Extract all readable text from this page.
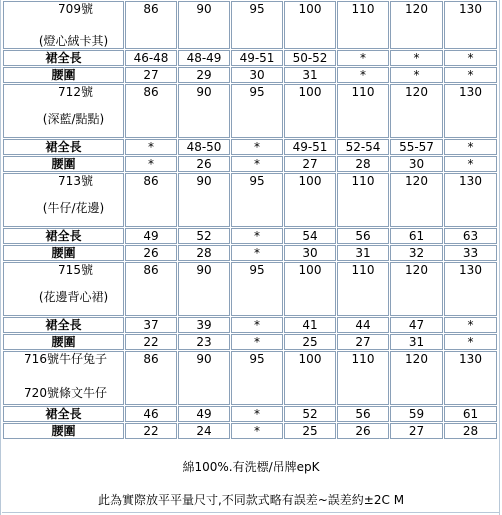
709號
(燈心絨卡其)	86	90	95	100	110	120	130
裙全長	46-48	48-49	49-51	50-52	*	*	*
腰圍	27	29	30	31	*	*	*

712號
(深藍/點點)	86	90	95	100	110	120	130
裙全長	*	48-50	*	49-51	52-54	55-57	*
腰圍	*	26	*	27	28	30	*

713號
(牛仔/花邊)	86	90	95	100	110	120	130
裙全長	49	52	*	54	56	61	63
腰圍	26	28	*	30	31	32	33

715號
(花邊背心裙)	86	90	95	100	110	120	130
裙全長	37	39	*	41	44	47	*
腰圍	22	23	*	25	27	31	*

716號牛仔兔子
720號條文牛仔	86	90	95	100	110	120	130
裙全長	46	49	*	52	56	59	61
腰圍	22	24	*	25	26	27	28
綿100%.有洗標/吊牌epK
此為實際放平平量尺寸,不同款式略有誤差~誤差約±2C M
